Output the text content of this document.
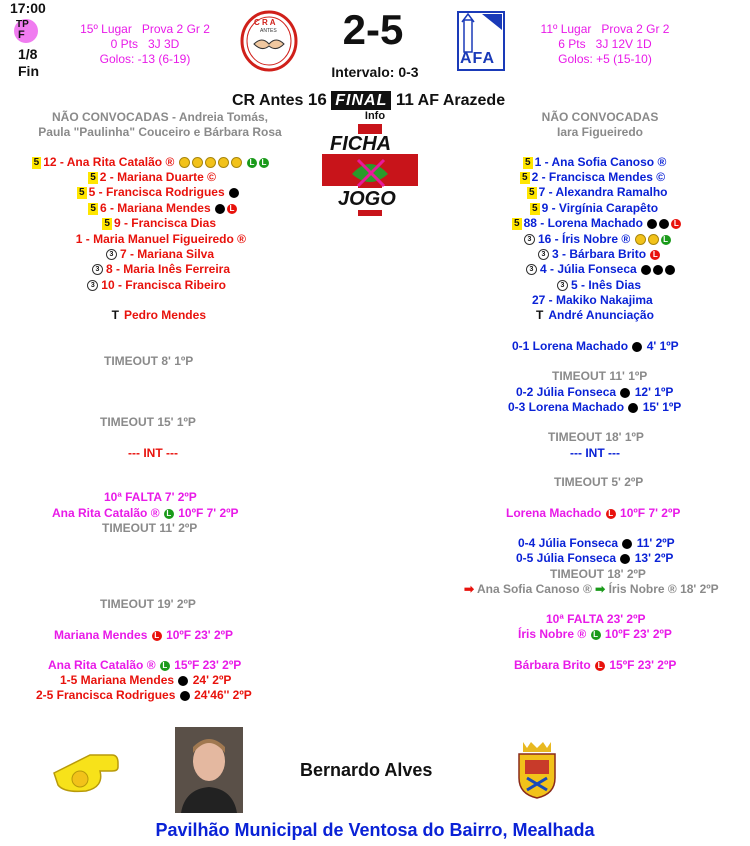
17:00
TP
F
1/8
Fin
15º Lugar Prova 2 Gr 2
0 Pts 3J 3D
Golos: -13 (6-19)
C R A
ANTES	2-5
Intervalo: 0-3
AFA
11º Lugar Prova 2 Gr 2
6 Pts 3J 12V 1D
Golos: +5 (15-10)
CR Antes 16 FINAL 11 AF Arazede
NÃO CONVOCADAS - Andreia Tomás,
Paula "Paulinha" Couceiro e Bárbara Rosa
NÃO CONVOCADAS
Iara Figueiredo
Info
FICHA
JOGO
5 12 - Ana Rita Catalão ®	L L
5 2 - Mariana Duarte ©
5 5 - Francisca Rodrigues
5 6 - Mariana Mendes L
5 9 - Francisca Dias
1 - Maria Manuel Figueiredo ®
3 7 - Mariana Silva
3 8 - Maria Inês Ferreira
3 10 - Francisca Ribeiro
T Pedro Mendes
5 1 - Ana Sofia Canoso ®
5 2 - Francisca Mendes ©
5 7 - Alexandra Ramalho
5 9 - Virgínia Carapêto
5 88 - Lorena Machado	L
3 16 - Íris Nobre ®	L
3 3 - Bárbara Brito L
3 4 - Júlia Fonseca
3 5 - Inês Dias
27 - Makiko Nakajima
T André Anunciação
TIMEOUT 8' 1ºP
TIMEOUT 15' 1ºP
--- INT ---
10ª FALTA 7' 2ºP
Ana Rita Catalão ® L 10ºF 7' 2ºP
TIMEOUT 11' 2ºP
TIMEOUT 19' 2ºP
Mariana Mendes L 10ºF 23' 2ºP
Ana Rita Catalão ® L 15ºF 23' 2ºP
1-5 Mariana Mendes 24' 2ºP
2-5 Francisca Rodrigues 24'46'' 2ºP
0-1 Lorena Machado 4' 1ºP
TIMEOUT 11' 1ºP
0-2 Júlia Fonseca 12' 1ºP
0-3 Lorena Machado 15' 1ºP
TIMEOUT 18' 1ºP
--- INT ---
TIMEOUT 5' 2ºP
Lorena Machado L 10ºF 7' 2ºP
0-4 Júlia Fonseca 11' 2ºP
0-5 Júlia Fonseca 13' 2ºP
TIMEOUT 18' 2ºP
➡ Ana Sofia Canoso ® ➡ Íris Nobre ® 18' 2ºP
10ª FALTA 23' 2ºP
Íris Nobre ® L 10ºF 23' 2ºP
Bárbara Brito L 15ºF 23' 2ºP
Bernardo Alves
Pavilhão Municipal de Ventosa do Bairro, Mealhada
